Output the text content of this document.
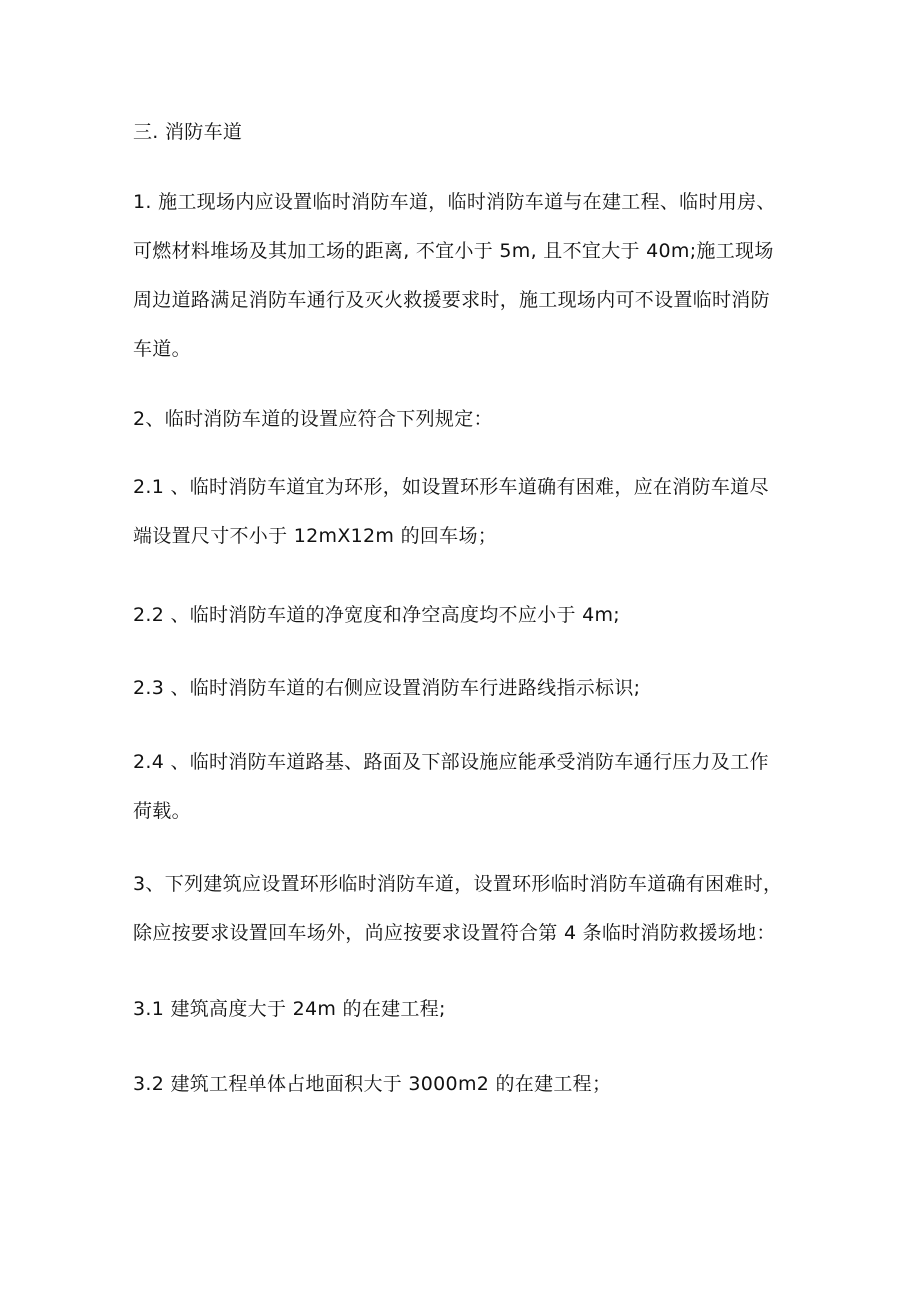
三. 消防车道
1. 施工现场内应设置临时消防车道，临时消防车道与在建工程、临时用房、
可燃材料堆场及其加工场的距离, 不宜小于 5m, 且不宜大于 40m;施工现场
周边道路满足消防车通行及灭火救援要求时，施工现场内可不设置临时消防
车道。
2、临时消防车道的设置应符合下列规定：
2.1 、临时消防车道宜为环形，如设置环形车道确有困难，应在消防车道尽
端设置尺寸不小于 12mX12m 的回车场；
2.2 、临时消防车道的净宽度和净空高度均不应小于 4m;
2.3 、临时消防车道的右侧应设置消防车行进路线指示标识;
2.4 、临时消防车道路基、路面及下部设施应能承受消防车通行压力及工作
荷载。
3、下列建筑应设置环形临时消防车道，设置环形临时消防车道确有困难时，
除应按要求设置回车场外，尚应按要求设置符合第 4 条临时消防救援场地：
3.1 建筑高度大于 24m 的在建工程;
3.2 建筑工程单体占地面积大于 3000m2 的在建工程；
